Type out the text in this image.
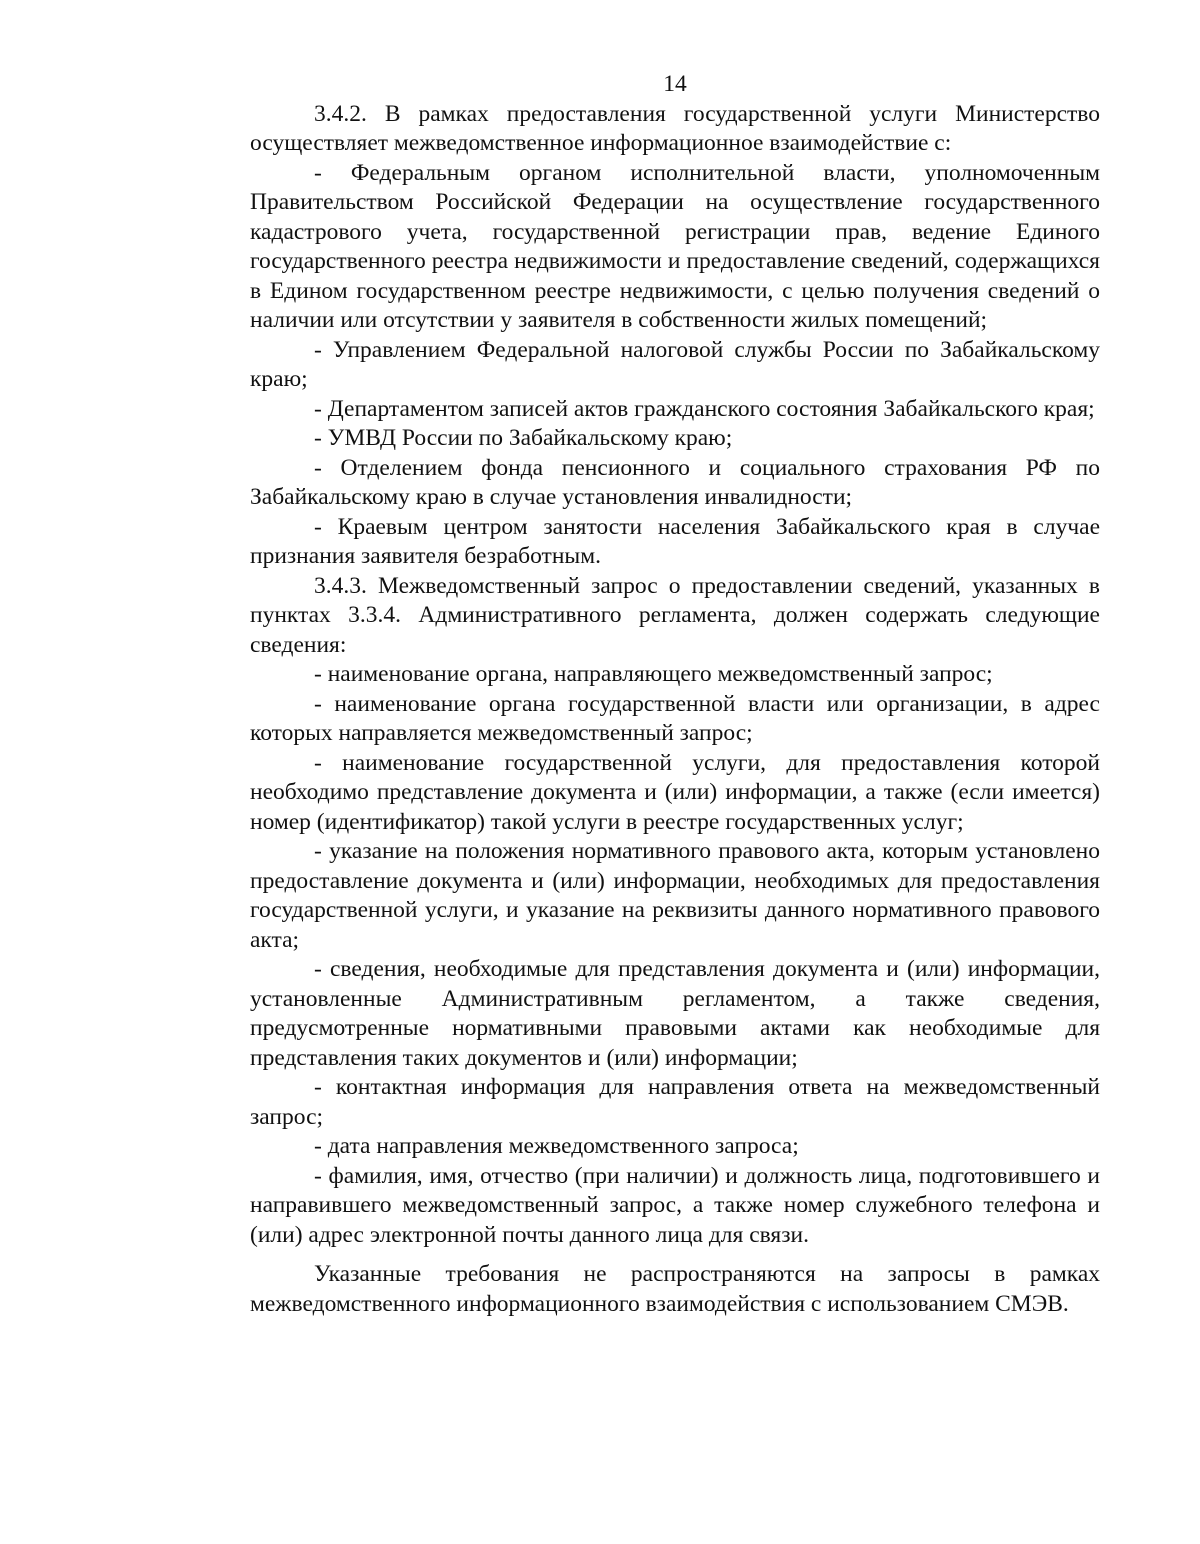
14

3.4.2. В рамках предоставления государственной услуги Министерство осуществляет межведомственное информационное взаимодействие с:

- Федеральным органом исполнительной власти, уполномоченным Правительством Российской Федерации на осуществление государственного кадастрового учета, государственной регистрации прав, ведение Единого государственного реестра недвижимости и предоставление сведений, содержащихся в Едином государственном реестре недвижимости, с целью получения сведений о наличии или отсутствии у заявителя в собственности жилых помещений;

- Управлением Федеральной налоговой службы России по Забайкальскому краю;

- Департаментом записей актов гражданского состояния Забайкальского края;

- УМВД России по Забайкальскому краю;

- Отделением фонда пенсионного и социального страхования РФ по Забайкальскому краю в случае установления инвалидности;

- Краевым центром занятости населения Забайкальского края в случае признания заявителя безработным.

3.4.3. Межведомственный запрос о предоставлении сведений, указанных в пунктах 3.3.4. Административного регламента, должен содержать следующие сведения:

- наименование органа, направляющего межведомственный запрос;

- наименование органа государственной власти или организации, в адрес которых направляется межведомственный запрос;

- наименование государственной услуги, для предоставления которой необходимо представление документа и (или) информации, а также (если имеется) номер (идентификатор) такой услуги в реестре государственных услуг;

- указание на положения нормативного правового акта, которым установлено предоставление документа и (или) информации, необходимых для предоставления государственной услуги, и указание на реквизиты данного нормативного правового акта;

- сведения, необходимые для представления документа и (или) информации, установленные Административным регламентом, а также сведения, предусмотренные нормативными правовыми актами как необходимые для представления таких документов и (или) информации;

- контактная информация для направления ответа на межведомственный запрос;

- дата направления межведомственного запроса;

- фамилия, имя, отчество (при наличии) и должность лица, подготовившего и направившего межведомственный запрос, а также номер служебного телефона и (или) адрес электронной почты данного лица для связи.

Указанные требования не распространяются на запросы в рамках межведомственного информационного взаимодействия с использованием СМЭВ.
